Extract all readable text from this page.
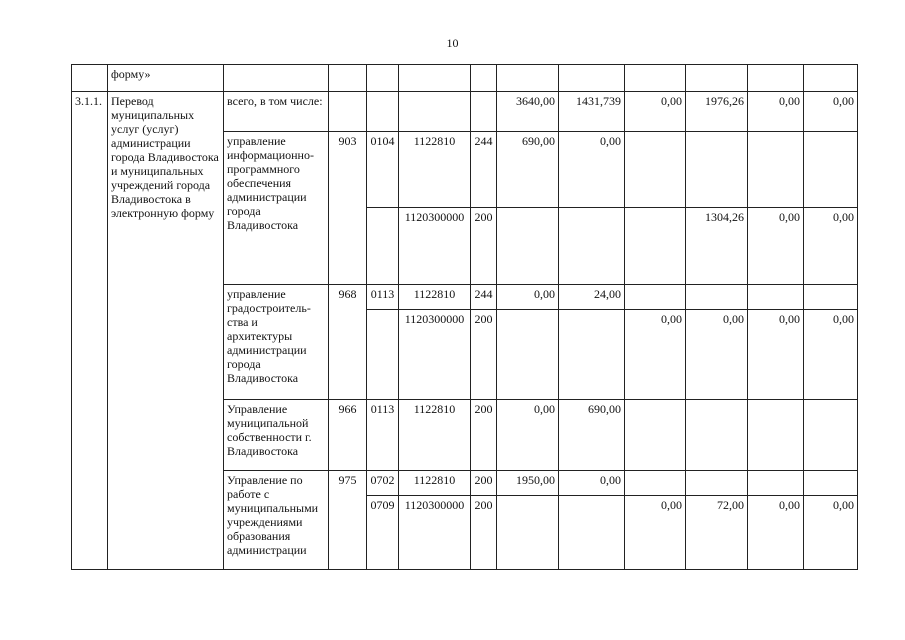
10
	форму»											
3.1.1.	Перевод муниципальных услуг (услуг) администрации города Владивостока и муниципальных учреждений города Владивостока в электронную форму	всего, в том числе:					3640,00	1431,739	0,00	1976,26	0,00	0,00
		управление информационно-программного обеспечения администрации города Владивостока	903	0104	1122810	244	690,00	0,00				
					1120300000	200				1304,26	0,00	0,00
		управление градостроитель-ства и архитектуры администрации города Владивостока	968	0113	1122810	244	0,00	24,00				
					1120300000	200			0,00	0,00	0,00	0,00
		Управление муниципальной собственности г. Владивостока	966	0113	1122810	200	0,00	690,00				
		Управление по работе с муниципальными учреждениями образования администрации	975	0702	1122810	200	1950,00	0,00				
				0709	1120300000	200			0,00	72,00	0,00	0,00
